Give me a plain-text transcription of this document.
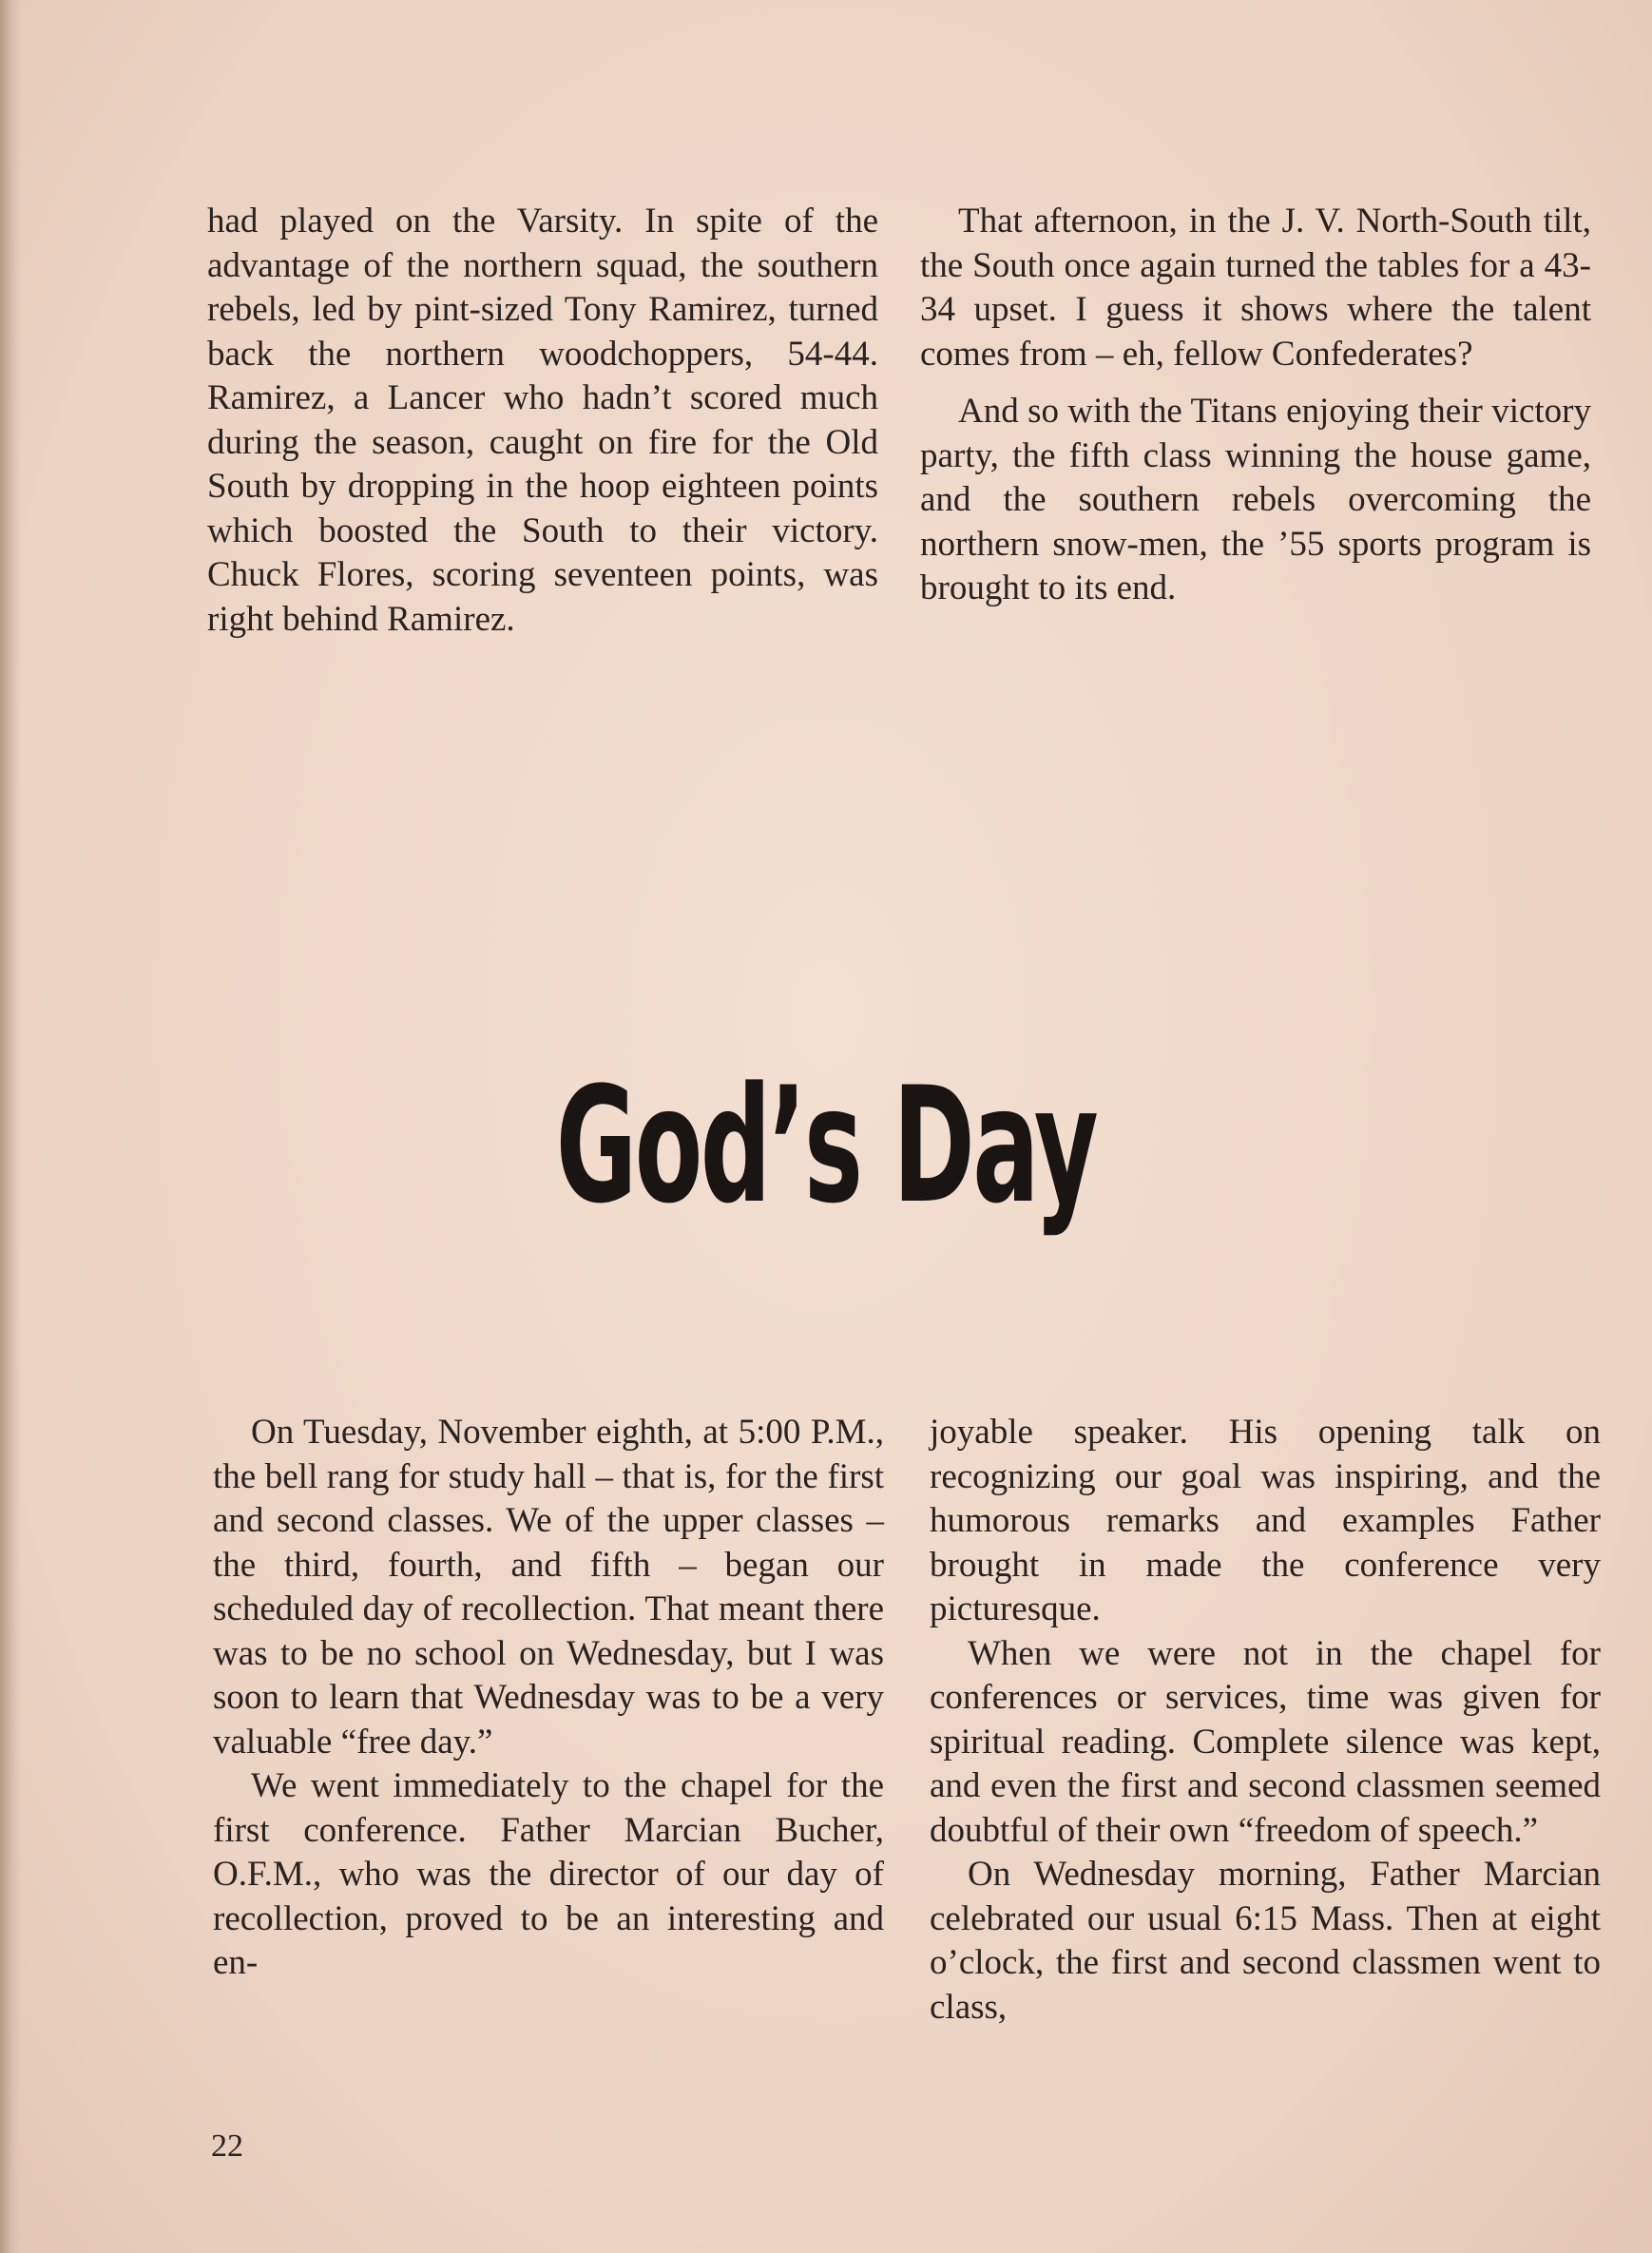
had played on the Varsity. In spite of the advantage of the northern squad, the southern rebels, led by pint-sized Tony Ramirez, turned back the northern woodchoppers, 54-44. Ramirez, a Lancer who hadn’t scored much during the season, caught on fire for the Old South by dropping in the hoop eighteen points which boosted the South to their victory. Chuck Flores, scoring seventeen points, was right behind Ramirez.

That afternoon, in the J. V. North-South tilt, the South once again turned the tables for a 43-34 upset. I guess it shows where the talent comes from – eh, fellow Confederates?

And so with the Titans enjoying their victory party, the fifth class winning the house game, and the southern rebels overcoming the northern snow-men, the ’55 sports program is brought to its end.

God’s Day

On Tuesday, November eighth, at 5:00 P.M., the bell rang for study hall – that is, for the first and second classes. We of the upper classes – the third, fourth, and fifth – began our scheduled day of recollection. That meant there was to be no school on Wednesday, but I was soon to learn that Wednesday was to be a very valuable “free day.”

We went immediately to the chapel for the first conference. Father Marcian Bucher, O.F.M., who was the director of our day of recollection, proved to be an interesting and en-

joyable speaker. His opening talk on recognizing our goal was inspiring, and the humorous remarks and examples Father brought in made the conference very picturesque.

When we were not in the chapel for conferences or services, time was given for spiritual reading. Complete silence was kept, and even the first and second classmen seemed doubtful of their own “freedom of speech.”

On Wednesday morning, Father Marcian celebrated our usual 6:15 Mass. Then at eight o’clock, the first and second classmen went to class,

22
